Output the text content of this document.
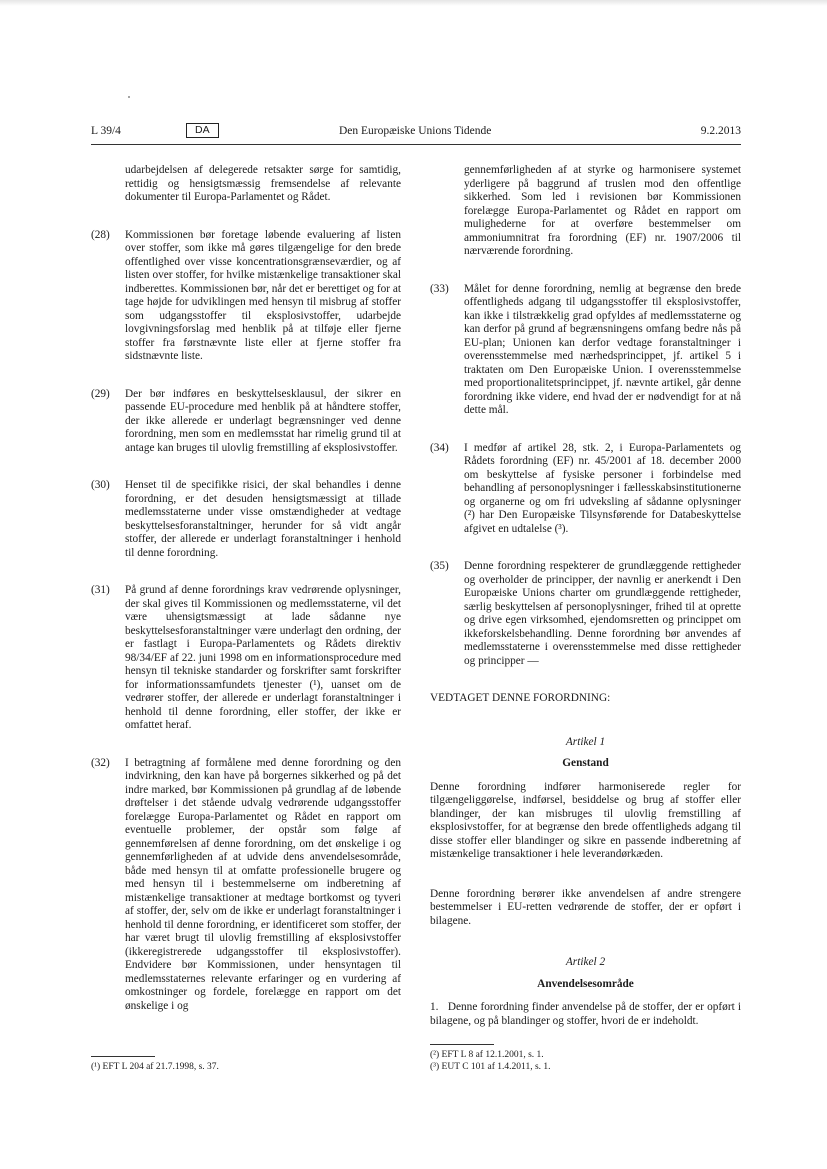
L 39/4	DA	Den Europæiske Unions Tidende	9.2.2013

udarbejdelsen af delegerede retsakter sørge for samtidig, rettidig og hensigtsmæssig fremsendelse af relevante dokumenter til Europa-Parlamentet og Rådet.

(28) Kommissionen bør foretage løbende evaluering af listen over stoffer, som ikke må gøres tilgængelige for den brede offentlighed over visse koncentrationsgrænseværdier, og af listen over stoffer, for hvilke mistænkelige transaktioner skal indberettes. Kommissionen bør, når det er berettiget og for at tage højde for udviklingen med hensyn til misbrug af stoffer som udgangsstoffer til eksplosivstoffer, udarbejde lovgivningsforslag med henblik på at tilføje eller fjerne stoffer fra førstnævnte liste eller at fjerne stoffer fra sidstnævnte liste.

(29) Der bør indføres en beskyttelsesklausul, der sikrer en passende EU-procedure med henblik på at håndtere stoffer, der ikke allerede er underlagt begrænsninger ved denne forordning, men som en medlemsstat har rimelig grund til at antage kan bruges til ulovlig fremstilling af eksplosivstoffer.

(30) Henset til de specifikke risici, der skal behandles i denne forordning, er det desuden hensigtsmæssigt at tillade medlemsstaterne under visse omstændigheder at vedtage beskyttelsesforanstaltninger, herunder for så vidt angår stoffer, der allerede er underlagt foranstaltninger i henhold til denne forordning.

(31) På grund af denne forordnings krav vedrørende oplysninger, der skal gives til Kommissionen og medlemsstaterne, vil det være uhensigtsmæssigt at lade sådanne nye beskyttelsesforanstaltninger være underlagt den ordning, der er fastlagt i Europa-Parlamentets og Rådets direktiv 98/34/EF af 22. juni 1998 om en informationsprocedure med hensyn til tekniske standarder og forskrifter samt forskrifter for informationssamfundets tjenester (¹), uanset om de vedrører stoffer, der allerede er underlagt foranstaltninger i henhold til denne forordning, eller stoffer, der ikke er omfattet heraf.

(32) I betragtning af formålene med denne forordning og den indvirkning, den kan have på borgernes sikkerhed og på det indre marked, bør Kommissionen på grundlag af de løbende drøftelser i det stående udvalg vedrørende udgangsstoffer forelægge Europa-Parlamentet og Rådet en rapport om eventuelle problemer, der opstår som følge af gennemførelsen af denne forordning, om det ønskelige i og gennemførligheden af at udvide dens anvendelsesområde, både med hensyn til at omfatte professionelle brugere og med hensyn til i bestemmelserne om indberetning af mistænkelige transaktioner at medtage bortkomst og tyveri af stoffer, der, selv om de ikke er underlagt foranstaltninger i henhold til denne forordning, er identificeret som stoffer, der har været brugt til ulovlig fremstilling af eksplosivstoffer (ikkeregistrerede udgangsstoffer til eksplosivstoffer). Endvidere bør Kommissionen, under hensyntagen til medlemsstaternes relevante erfaringer og en vurdering af omkostninger og fordele, forelægge en rapport om det ønskelige i og

(¹) EFT L 204 af 21.7.1998, s. 37.

gennemførligheden af at styrke og harmonisere systemet yderligere på baggrund af truslen mod den offentlige sikkerhed. Som led i revisionen bør Kommissionen forelægge Europa-Parlamentet og Rådet en rapport om mulighederne for at overføre bestemmelser om ammoniumnitrat fra forordning (EF) nr. 1907/2006 til nærværende forordning.

(33) Målet for denne forordning, nemlig at begrænse den brede offentligheds adgang til udgangsstoffer til eksplosivstoffer, kan ikke i tilstrækkelig grad opfyldes af medlemsstaterne og kan derfor på grund af begrænsningens omfang bedre nås på EU-plan; Unionen kan derfor vedtage foranstaltninger i overensstemmelse med nærhedsprincippet, jf. artikel 5 i traktaten om Den Europæiske Union. I overensstemmelse med proportionalitetsprincippet, jf. nævnte artikel, går denne forordning ikke videre, end hvad der er nødvendigt for at nå dette mål.

(34) I medfør af artikel 28, stk. 2, i Europa-Parlamentets og Rådets forordning (EF) nr. 45/2001 af 18. december 2000 om beskyttelse af fysiske personer i forbindelse med behandling af personoplysninger i fællesskabsinstitutionerne og organerne og om fri udveksling af sådanne oplysninger (²) har Den Europæiske Tilsynsførende for Databeskyttelse afgivet en udtalelse (³).

(35) Denne forordning respekterer de grundlæggende rettigheder og overholder de principper, der navnlig er anerkendt i Den Europæiske Unions charter om grundlæggende rettigheder, særlig beskyttelsen af personoplysninger, frihed til at oprette og drive egen virksomhed, ejendomsretten og princippet om ikkeforskelsbehandling. Denne forordning bør anvendes af medlemsstaterne i overensstemmelse med disse rettigheder og principper —

VEDTAGET DENNE FORORDNING:

Artikel 1

Genstand

Denne forordning indfører harmoniserede regler for tilgængeliggørelse, indførsel, besiddelse og brug af stoffer eller blandinger, der kan misbruges til ulovlig fremstilling af eksplosivstoffer, for at begrænse den brede offentligheds adgang til disse stoffer eller blandinger og sikre en passende indberetning af mistænkelige transaktioner i hele leverandørkæden.

Denne forordning berører ikke anvendelsen af andre strengere bestemmelser i EU-retten vedrørende de stoffer, der er opført i bilagene.

Artikel 2

Anvendelsesområde

1.   Denne forordning finder anvendelse på de stoffer, der er opført i bilagene, og på blandinger og stoffer, hvori de er indeholdt.

(²) EFT L 8 af 12.1.2001, s. 1.
(³) EUT C 101 af 1.4.2011, s. 1.
